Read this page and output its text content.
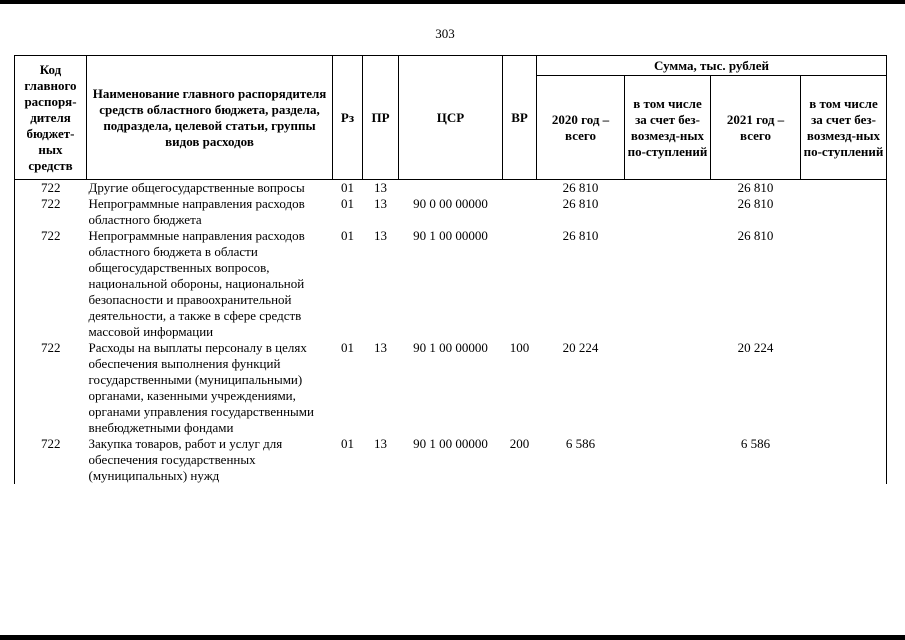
303
Код главного распоря-дителя бюджет-ных средств	Наименование главного распорядителя средств областного бюджета, раздела, подраздела, целевой статьи, группы видов расходов	Рз	ПР	ЦСР	ВР	Сумма, тыс. рублей			
						2020 год – всего	в том числе за счет без-возмезд-ных по-ступлений	2021 год – всего	в том числе за счет без-возмезд-ных по-ступлений
722	Другие общегосударственные вопросы	01	13			26 810		26 810	
722	Непрограммные направления расходов областного бюджета	01	13	90 0 00 00000		26 810		26 810	
722	Непрограммные направления расходов областного бюджета в области общегосударственных вопросов, национальной обороны, национальной безопасности и правоохранительной деятельности, а также в сфере средств массовой информации	01	13	90 1 00 00000		26 810		26 810	
722	Расходы на выплаты персоналу в целях обеспечения выполнения функций государственными (муниципальными) органами, казенными учреждениями, органами управления государственными внебюджетными фондами	01	13	90 1 00 00000	100	20 224		20 224	
722	Закупка товаров, работ и услуг для обеспечения государственных (муниципальных) нужд	01	13	90 1 00 00000	200	6 586		6 586	
